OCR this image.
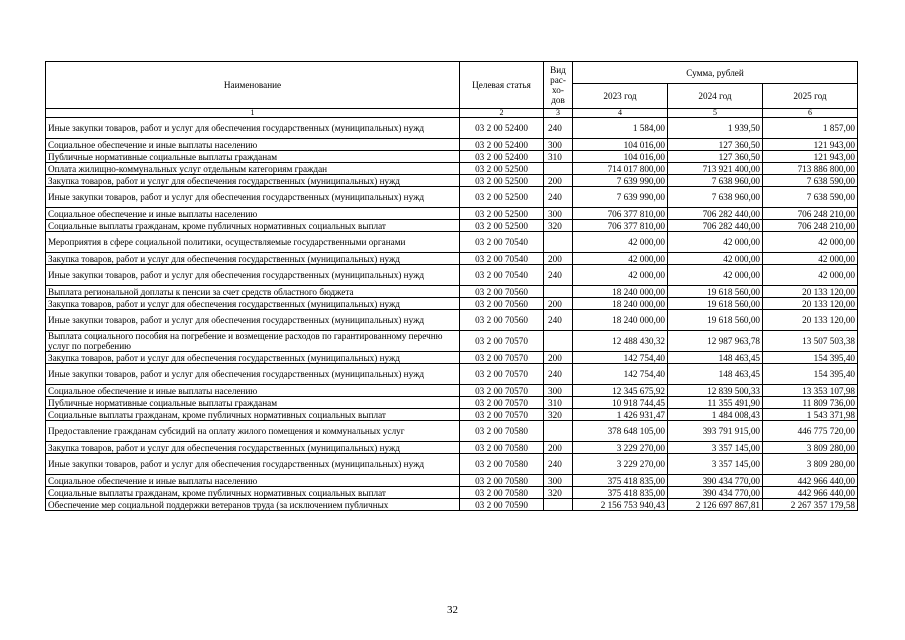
Наименование	Целевая статья	Вид рас- хо- дов	Сумма, рублей		
			2023 год	2024 год	2025 год
1	2	3	4	5	6
Иные закупки товаров, работ и услуг для обеспечения государственных (муниципальных) нужд	03 2 00 52400	240	1 584,00	1 939,50	1 857,00
Социальное обеспечение и иные выплаты населению	03 2 00 52400	300	104 016,00	127 360,50	121 943,00
Публичные нормативные социальные выплаты гражданам	03 2 00 52400	310	104 016,00	127 360,50	121 943,00
Оплата жилищно-коммунальных услуг отдельным категориям граждан	03 2 00 52500		714 017 800,00	713 921 400,00	713 886 800,00
Закупка товаров, работ и услуг для обеспечения государственных (муниципальных) нужд	03 2 00 52500	200	7 639 990,00	7 638 960,00	7 638 590,00
Иные закупки товаров, работ и услуг для обеспечения государственных (муниципальных) нужд	03 2 00 52500	240	7 639 990,00	7 638 960,00	7 638 590,00
Социальное обеспечение и иные выплаты населению	03 2 00 52500	300	706 377 810,00	706 282 440,00	706 248 210,00
Социальные выплаты гражданам, кроме публичных нормативных социальных выплат	03 2 00 52500	320	706 377 810,00	706 282 440,00	706 248 210,00
Мероприятия в сфере социальной политики, осуществляемые государственными органами	03 2 00 70540		42 000,00	42 000,00	42 000,00
Закупка товаров, работ и услуг для обеспечения государственных (муниципальных) нужд	03 2 00 70540	200	42 000,00	42 000,00	42 000,00
Иные закупки товаров, работ и услуг для обеспечения государственных (муниципальных) нужд	03 2 00 70540	240	42 000,00	42 000,00	42 000,00
Выплата региональной доплаты к пенсии за счет средств областного бюджета	03 2 00 70560		18 240 000,00	19 618 560,00	20 133 120,00
Закупка товаров, работ и услуг для обеспечения государственных (муниципальных) нужд	03 2 00 70560	200	18 240 000,00	19 618 560,00	20 133 120,00
Иные закупки товаров, работ и услуг для обеспечения государственных (муниципальных) нужд	03 2 00 70560	240	18 240 000,00	19 618 560,00	20 133 120,00
Выплата социального пособия на погребение и возмещение расходов по гарантированному перечню услуг по погребению	03 2 00 70570		12 488 430,32	12 987 963,78	13 507 503,38
Закупка товаров, работ и услуг для обеспечения государственных (муниципальных) нужд	03 2 00 70570	200	142 754,40	148 463,45	154 395,40
Иные закупки товаров, работ и услуг для обеспечения государственных (муниципальных) нужд	03 2 00 70570	240	142 754,40	148 463,45	154 395,40
Социальное обеспечение и иные выплаты населению	03 2 00 70570	300	12 345 675,92	12 839 500,33	13 353 107,98
Публичные нормативные социальные выплаты гражданам	03 2 00 70570	310	10 918 744,45	11 355 491,90	11 809 736,00
Социальные выплаты гражданам, кроме публичных нормативных социальных выплат	03 2 00 70570	320	1 426 931,47	1 484 008,43	1 543 371,98
Предоставление гражданам субсидий на оплату жилого помещения и коммунальных услуг	03 2 00 70580		378 648 105,00	393 791 915,00	446 775 720,00
Закупка товаров, работ и услуг для обеспечения государственных (муниципальных) нужд	03 2 00 70580	200	3 229 270,00	3 357 145,00	3 809 280,00
Иные закупки товаров, работ и услуг для обеспечения государственных (муниципальных) нужд	03 2 00 70580	240	3 229 270,00	3 357 145,00	3 809 280,00
Социальное обеспечение и иные выплаты населению	03 2 00 70580	300	375 418 835,00	390 434 770,00	442 966 440,00
Социальные выплаты гражданам, кроме публичных нормативных социальных выплат	03 2 00 70580	320	375 418 835,00	390 434 770,00	442 966 440,00
Обеспечение мер социальной поддержки ветеранов труда (за исключением публичных	03 2 00 70590		2 156 753 940,43	2 126 697 867,81	2 267 357 179,58
32
